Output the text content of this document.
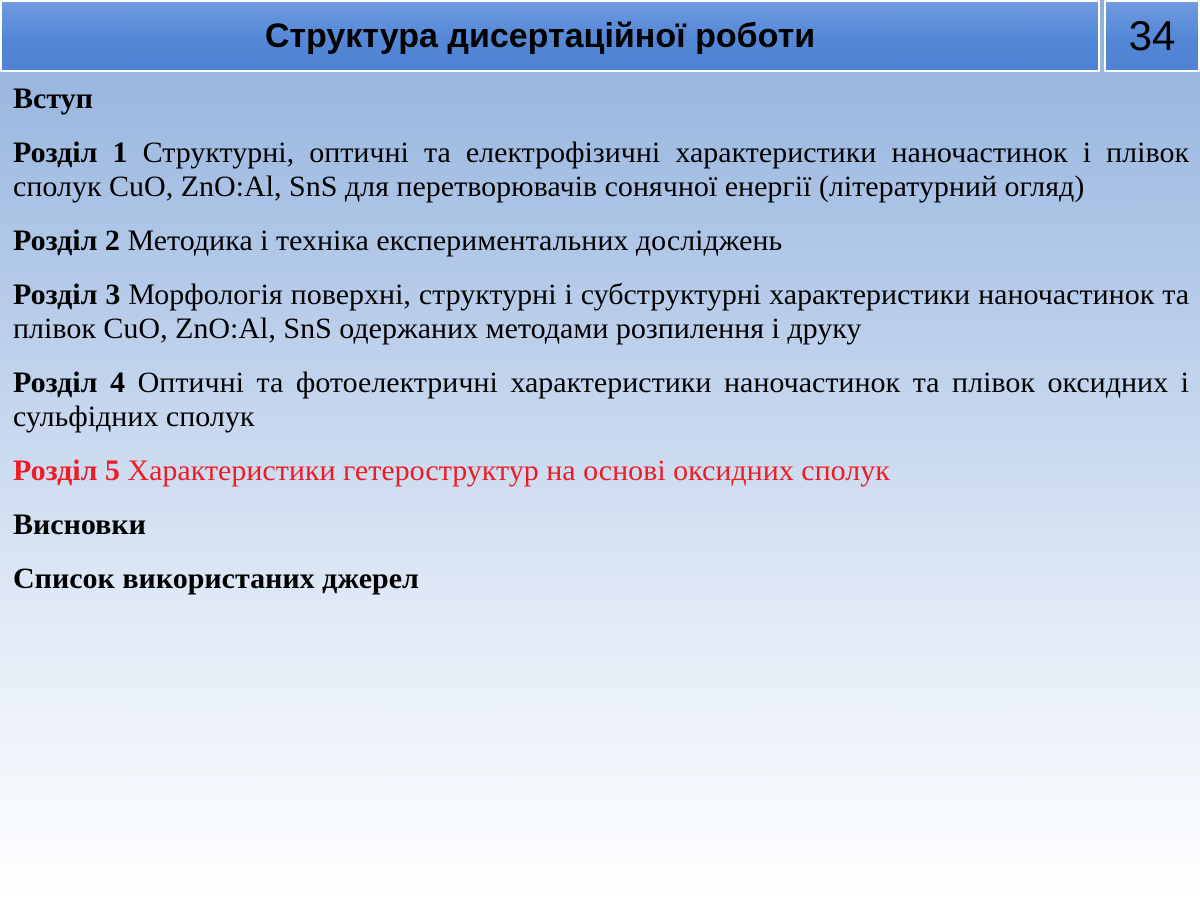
Структура дисертаційної роботи	34

Вступ

Розділ 1 Структурні, оптичні та електрофізичні характеристики наночастинок і плівок сполук CuO, ZnO:Al, SnS для перетворювачів сонячної енергії (літературний огляд)

Розділ 2 Методика і техніка експериментальних досліджень

Розділ 3 Морфологія поверхні, структурні і субструктурні характеристики наночастинок та плівок CuO, ZnO:Al, SnS одержаних методами розпилення і друку

Розділ 4 Оптичні та фотоелектричні характеристики наночастинок та плівок оксидних і сульфідних сполук

Розділ 5 Характеристики гетероструктур на основі оксидних сполук

Висновки

Список використаних джерел
